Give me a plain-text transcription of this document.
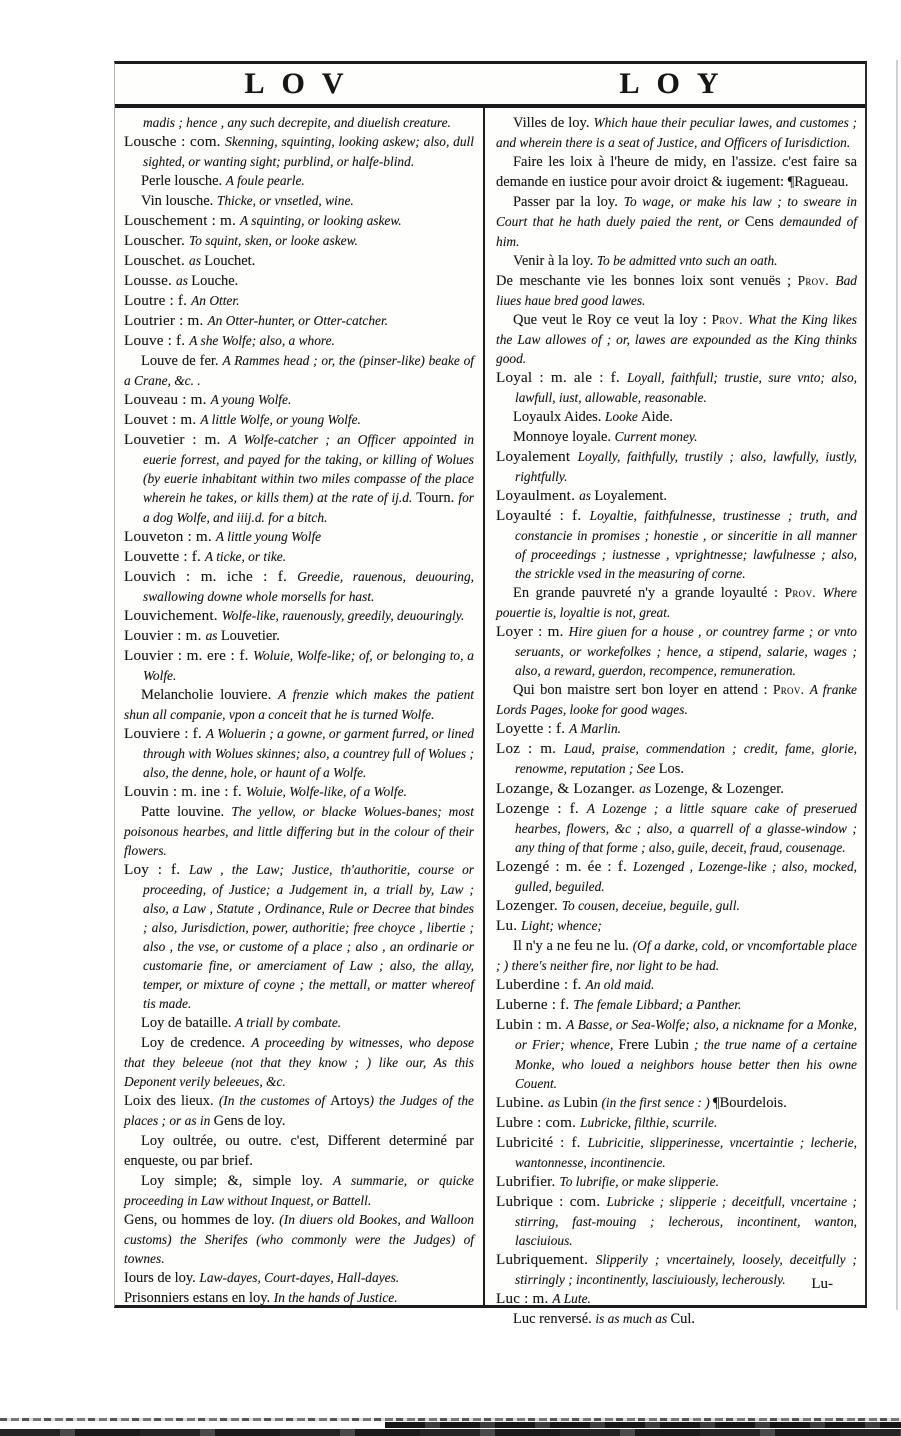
LOV	LOY
madis ; hence , any such decrepite, and diuelish creature.
Lousche : com. Skenning, squinting, looking askew; also, dull sighted, or wanting sight; purblind, or halfe-blind.
Perle lousche. A foule pearle.
Vin lousche. Thicke, or vnsetled, wine.
Louschement : m. A squinting, or looking askew.
Louscher. To squint, sken, or looke askew.
Louschet. as Louchet.
Lousse. as Louche.
Loutre : f. An Otter.
Loutrier : m. An Otter-hunter, or Otter-catcher.
Louve : f. A she Wolfe; also, a whore.
Louve de fer. A Rammes head ; or, the (pinser-like) beake of a Crane, &c. .
Louveau : m. A young Wolfe.
Louvet : m. A little Wolfe, or young Wolfe.
Louvetier : m. A Wolfe-catcher ; an Officer appointed in euerie forrest, and payed for the taking, or killing of Wolues (by euerie inhabitant within two miles compasse of the place wherein he takes, or kills them) at the rate of ij.d. Tourn. for a dog Wolfe, and iiij.d. for a bitch.
Louveton : m. A little young Wolfe
Louvette : f. A ticke, or tike.
Louvich : m. iche : f. Greedie, rauenous, deuouring, swallowing downe whole morsells for hast.
Louvichement. Wolfe-like, rauenously, greedily, deuouringly.
Louvier : m. as Louvetier.
Louvier : m. ere : f. Woluie, Wolfe-like; of, or belonging to, a Wolfe.
Melancholie louviere. A frenzie which makes the patient shun all companie, vpon a conceit that he is turned Wolfe.
Louviere : f. A Woluerin ; a gowne, or garment furred, or lined through with Wolues skinnes; also, a countrey full of Wolues ; also, the denne, hole, or haunt of a Wolfe.
Louvin : m. ine : f. Woluie, Wolfe-like, of a Wolfe.
Patte louvine. The yellow, or blacke Wolues-banes; most poisonous hearbes, and little differing but in the colour of their flowers.
Loy : f. Law , the Law; Justice, th'authoritie, course or proceeding, of Justice; a Judgement in, a triall by, Law ; also, a Law , Statute , Ordinance, Rule or Decree that bindes ; also, Jurisdiction, power, authoritie; free choyce , libertie ; also , the vse, or custome of a place ; also , an ordinarie or customarie fine, or amerciament of Law ; also, the allay, temper, or mixture of coyne ; the mettall, or matter whereof tis made.
Loy de bataille. A triall by combate.
Loy de credence. A proceeding by witnesses, who depose that they beleeue (not that they know ; ) like our, As this Deponent verily beleeues, &c.
Loix des lieux. (In the customes of Artoys) the Judges of the places ; or as in Gens de loy.
Loy oultrée, ou outre. c'est, Different determiné par enqueste, ou par brief.
Loy simple; &, simple loy. A summarie, or quicke proceeding in Law without Inquest, or Battell.
Gens, ou hommes de loy. (In diuers old Bookes, and Walloon customs) the Sherifes (who commonly were the Judges) of townes.
Iours de loy. Law-dayes, Court-dayes, Hall-dayes.
Prisonniers estans en loy. In the hands of Justice.
Villes de loy. Which haue their peculiar lawes, and customes ; and wherein there is a seat of Justice, and Officers of Iurisdiction.
Faire les loix à l'heure de midy, en l'assize. c'est faire sa demande en iustice pour avoir droict & iugement: ¶Ragueau.
Passer par la loy. To wage, or make his law ; to sweare in Court that he hath duely paied the rent, or Cens demaunded of him.
Venir à la loy. To be admitted vnto such an oath.
De meschante vie les bonnes loix sont venuës ; Prov. Bad liues haue bred good lawes.
Que veut le Roy ce veut la loy : Prov. What the King likes the Law allowes of ; or, lawes are expounded as the King thinks good.
Loyal : m. ale : f. Loyall, faithfull; trustie, sure vnto; also, lawfull, iust, allowable, reasonable.
Loyaulx Aides. Looke Aide.
Monnoye loyale. Current money.
Loyalement Loyally, faithfully, trustily ; also, lawfully, iustly, rightfully.
Loyaulment. as Loyalement.
Loyaulté : f. Loyaltie, faithfulnesse, trustinesse ; truth, and constancie in promises ; honestie , or sinceritie in all manner of proceedings ; iustnesse , vprightnesse; lawfulnesse ; also, the strickle vsed in the measuring of corne.
En grande pauvreté n'y a grande loyaulté : Prov. Where pouertie is, loyaltie is not, great.
Loyer : m. Hire giuen for a house , or countrey farme ; or vnto seruants, or workefolkes ; hence, a stipend, salarie, wages ; also, a reward, guerdon, recompence, remuneration.
Qui bon maistre sert bon loyer en attend : Prov. A franke Lords Pages, looke for good wages.
Loyette : f. A Marlin.
Loz : m. Laud, praise, commendation ; credit, fame, glorie, renowme, reputation ; See Los.
Lozange, & Lozanger. as Lozenge, & Lozenger.
Lozenge : f. A Lozenge ; a little square cake of preserued hearbes, flowers, &c ; also, a quarrell of a glasse-window ; any thing of that forme ; also, guile, deceit, fraud, cousenage.
Lozengé : m. ée : f. Lozenged , Lozenge-like ; also, mocked, gulled, beguiled.
Lozenger. To cousen, deceiue, beguile, gull.
Lu. Light; whence;
Il n'y a ne feu ne lu. (Of a darke, cold, or vncomfortable place ; ) there's neither fire, nor light to be had.
Luberdine : f. An old maid.
Luberne : f. The female Libbard; a Panther.
Lubin : m. A Basse, or Sea-Wolfe; also, a nickname for a Monke, or Frier; whence, Frere Lubin ; the true name of a certaine Monke, who loued a neighbors house better then his owne Couent.
Lubine. as Lubin (in the first sence : ) ¶Bourdelois.
Lubre : com. Lubricke, filthie, scurrile.
Lubricité : f. Lubricitie, slipperinesse, vncertaintie ; lecherie, wantonnesse, incontinencie.
Lubrifier. To lubrifie, or make slipperie.
Lubrique : com. Lubricke ; slipperie ; deceitfull, vncertaine ; stirring, fast-mouing ; lecherous, incontinent, wanton, lasciuious.
Lubriquement. Slipperily ; vncertainely, loosely, deceitfully ; stirringly ; incontinently, lasciuiously, lecherously.
Luc : m. A Lute.
Luc renversé. is as much as Cul.
Lu-
